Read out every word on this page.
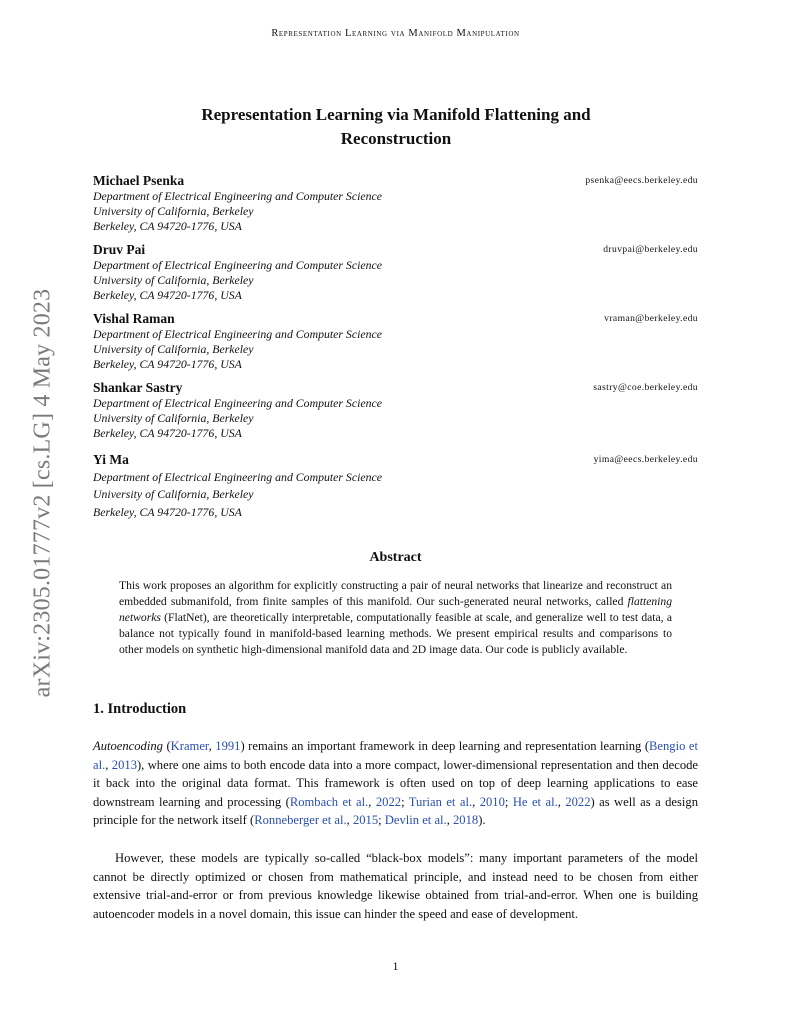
Representation Learning via Manifold Manipulation
arXiv:2305.01777v2 [cs.LG] 4 May 2023
Representation Learning via Manifold Flattening and
Reconstruction
Michael Psenka	psenka@eecs.berkeley.edu
Department of Electrical Engineering and Computer Science
University of California, Berkeley
Berkeley, CA 94720-1776, USA
Druv Pai	druvpai@berkeley.edu
Department of Electrical Engineering and Computer Science
University of California, Berkeley
Berkeley, CA 94720-1776, USA
Vishal Raman	vraman@berkeley.edu
Department of Electrical Engineering and Computer Science
University of California, Berkeley
Berkeley, CA 94720-1776, USA
Shankar Sastry	sastry@coe.berkeley.edu
Department of Electrical Engineering and Computer Science
University of California, Berkeley
Berkeley, CA 94720-1776, USA
Yi Ma	yima@eecs.berkeley.edu
Department of Electrical Engineering and Computer Science
University of California, Berkeley
Berkeley, CA 94720-1776, USA
Abstract
This work proposes an algorithm for explicitly constructing a pair of neural networks that linearize and reconstruct an embedded submanifold, from finite samples of this manifold. Our such-generated neural networks, called flattening networks (FlatNet), are theoretically interpretable, computationally feasible at scale, and generalize well to test data, a balance not typically found in manifold-based learning methods. We present empirical results and comparisons to other models on synthetic high-dimensional manifold data and 2D image data. Our code is publicly available.
1. Introduction
Autoencoding (Kramer, 1991) remains an important framework in deep learning and representation learning (Bengio et al., 2013), where one aims to both encode data into a more compact, lower-dimensional representation and then decode it back into the original data format. This framework is often used on top of deep learning applications to ease downstream learning and processing (Rombach et al., 2022; Turian et al., 2010; He et al., 2022) as well as a design principle for the network itself (Ronneberger et al., 2015; Devlin et al., 2018).
However, these models are typically so-called “black-box models”: many important parameters of the model cannot be directly optimized or chosen from mathematical principle, and instead need to be chosen from either extensive trial-and-error or from previous knowledge likewise obtained from trial-and-error. When one is building autoencoder models in a novel domain, this issue can hinder the speed and ease of development.
1
